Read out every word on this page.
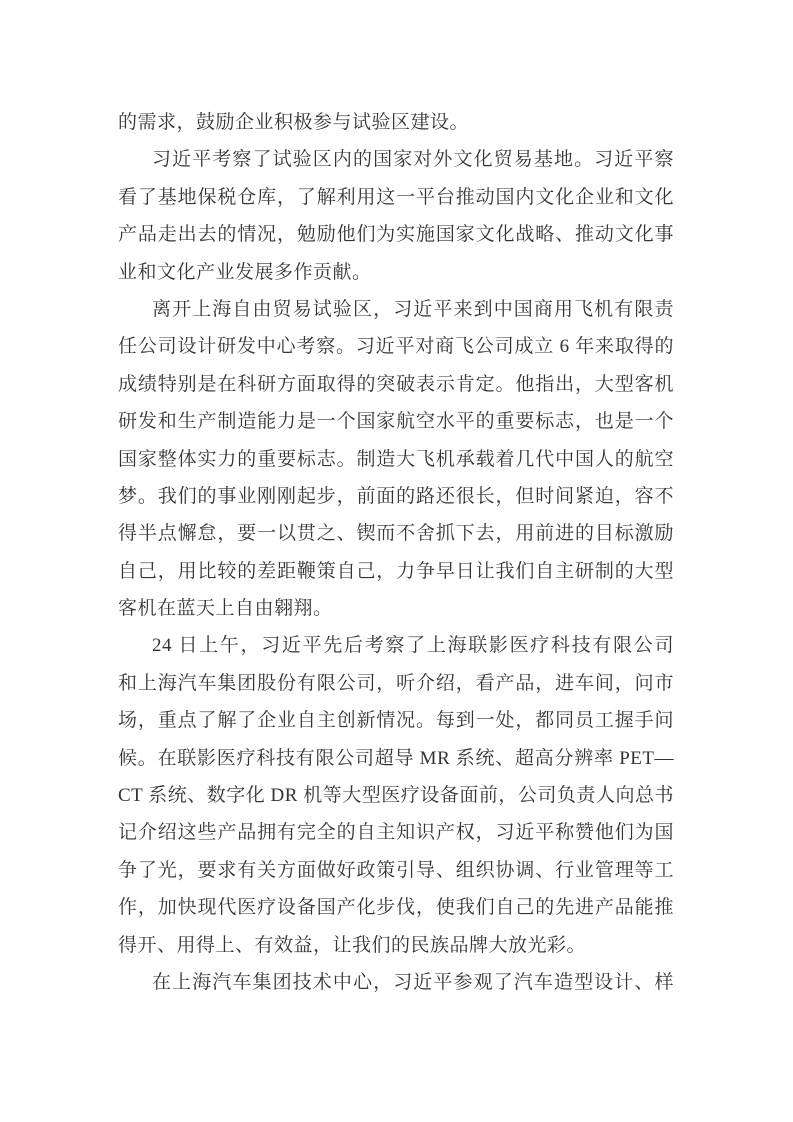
的需求，鼓励企业积极参与试验区建设。
习近平考察了试验区内的国家对外文化贸易基地。习近平察
看了基地保税仓库，了解利用这一平台推动国内文化企业和文化
产品走出去的情况，勉励他们为实施国家文化战略、推动文化事
业和文化产业发展多作贡献。
离开上海自由贸易试验区，习近平来到中国商用飞机有限责
任公司设计研发中心考察。习近平对商飞公司成立 6 年来取得的
成绩特别是在科研方面取得的突破表示肯定。他指出，大型客机
研发和生产制造能力是一个国家航空水平的重要标志，也是一个
国家整体实力的重要标志。制造大飞机承载着几代中国人的航空
梦。我们的事业刚刚起步，前面的路还很长，但时间紧迫，容不
得半点懈怠，要一以贯之、锲而不舍抓下去，用前进的目标激励
自己，用比较的差距鞭策自己，力争早日让我们自主研制的大型
客机在蓝天上自由翱翔。
24 日上午，习近平先后考察了上海联影医疗科技有限公司
和上海汽车集团股份有限公司，听介绍，看产品，进车间，问市
场，重点了解了企业自主创新情况。每到一处，都同员工握手问
候。在联影医疗科技有限公司超导 MR 系统、超高分辨率 PET—
CT 系统、数字化 DR 机等大型医疗设备面前，公司负责人向总书
记介绍这些产品拥有完全的自主知识产权，习近平称赞他们为国
争了光，要求有关方面做好政策引导、组织协调、行业管理等工
作，加快现代医疗设备国产化步伐，使我们自己的先进产品能推
得开、用得上、有效益，让我们的民族品牌大放光彩。
在上海汽车集团技术中心，习近平参观了汽车造型设计、样
